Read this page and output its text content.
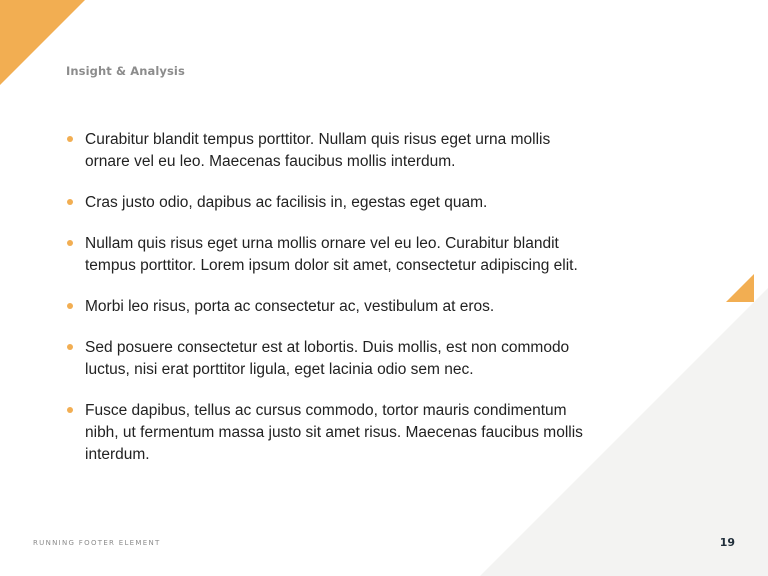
Insight & Analysis
Curabitur blandit tempus porttitor. Nullam quis risus eget urna mollis ornare vel eu leo. Maecenas faucibus mollis interdum.
Cras justo odio, dapibus ac facilisis in, egestas eget quam.
Nullam quis risus eget urna mollis ornare vel eu leo. Curabitur blandit tempus porttitor. Lorem ipsum dolor sit amet, consectetur adipiscing elit.
Morbi leo risus, porta ac consectetur ac, vestibulum at eros.
Sed posuere consectetur est at lobortis. Duis mollis, est non commodo luctus, nisi erat porttitor ligula, eget lacinia odio sem nec.
Fusce dapibus, tellus ac cursus commodo, tortor mauris condimentum nibh, ut fermentum massa justo sit amet risus. Maecenas faucibus mollis interdum.

RUNNING FOOTER ELEMENT	19
